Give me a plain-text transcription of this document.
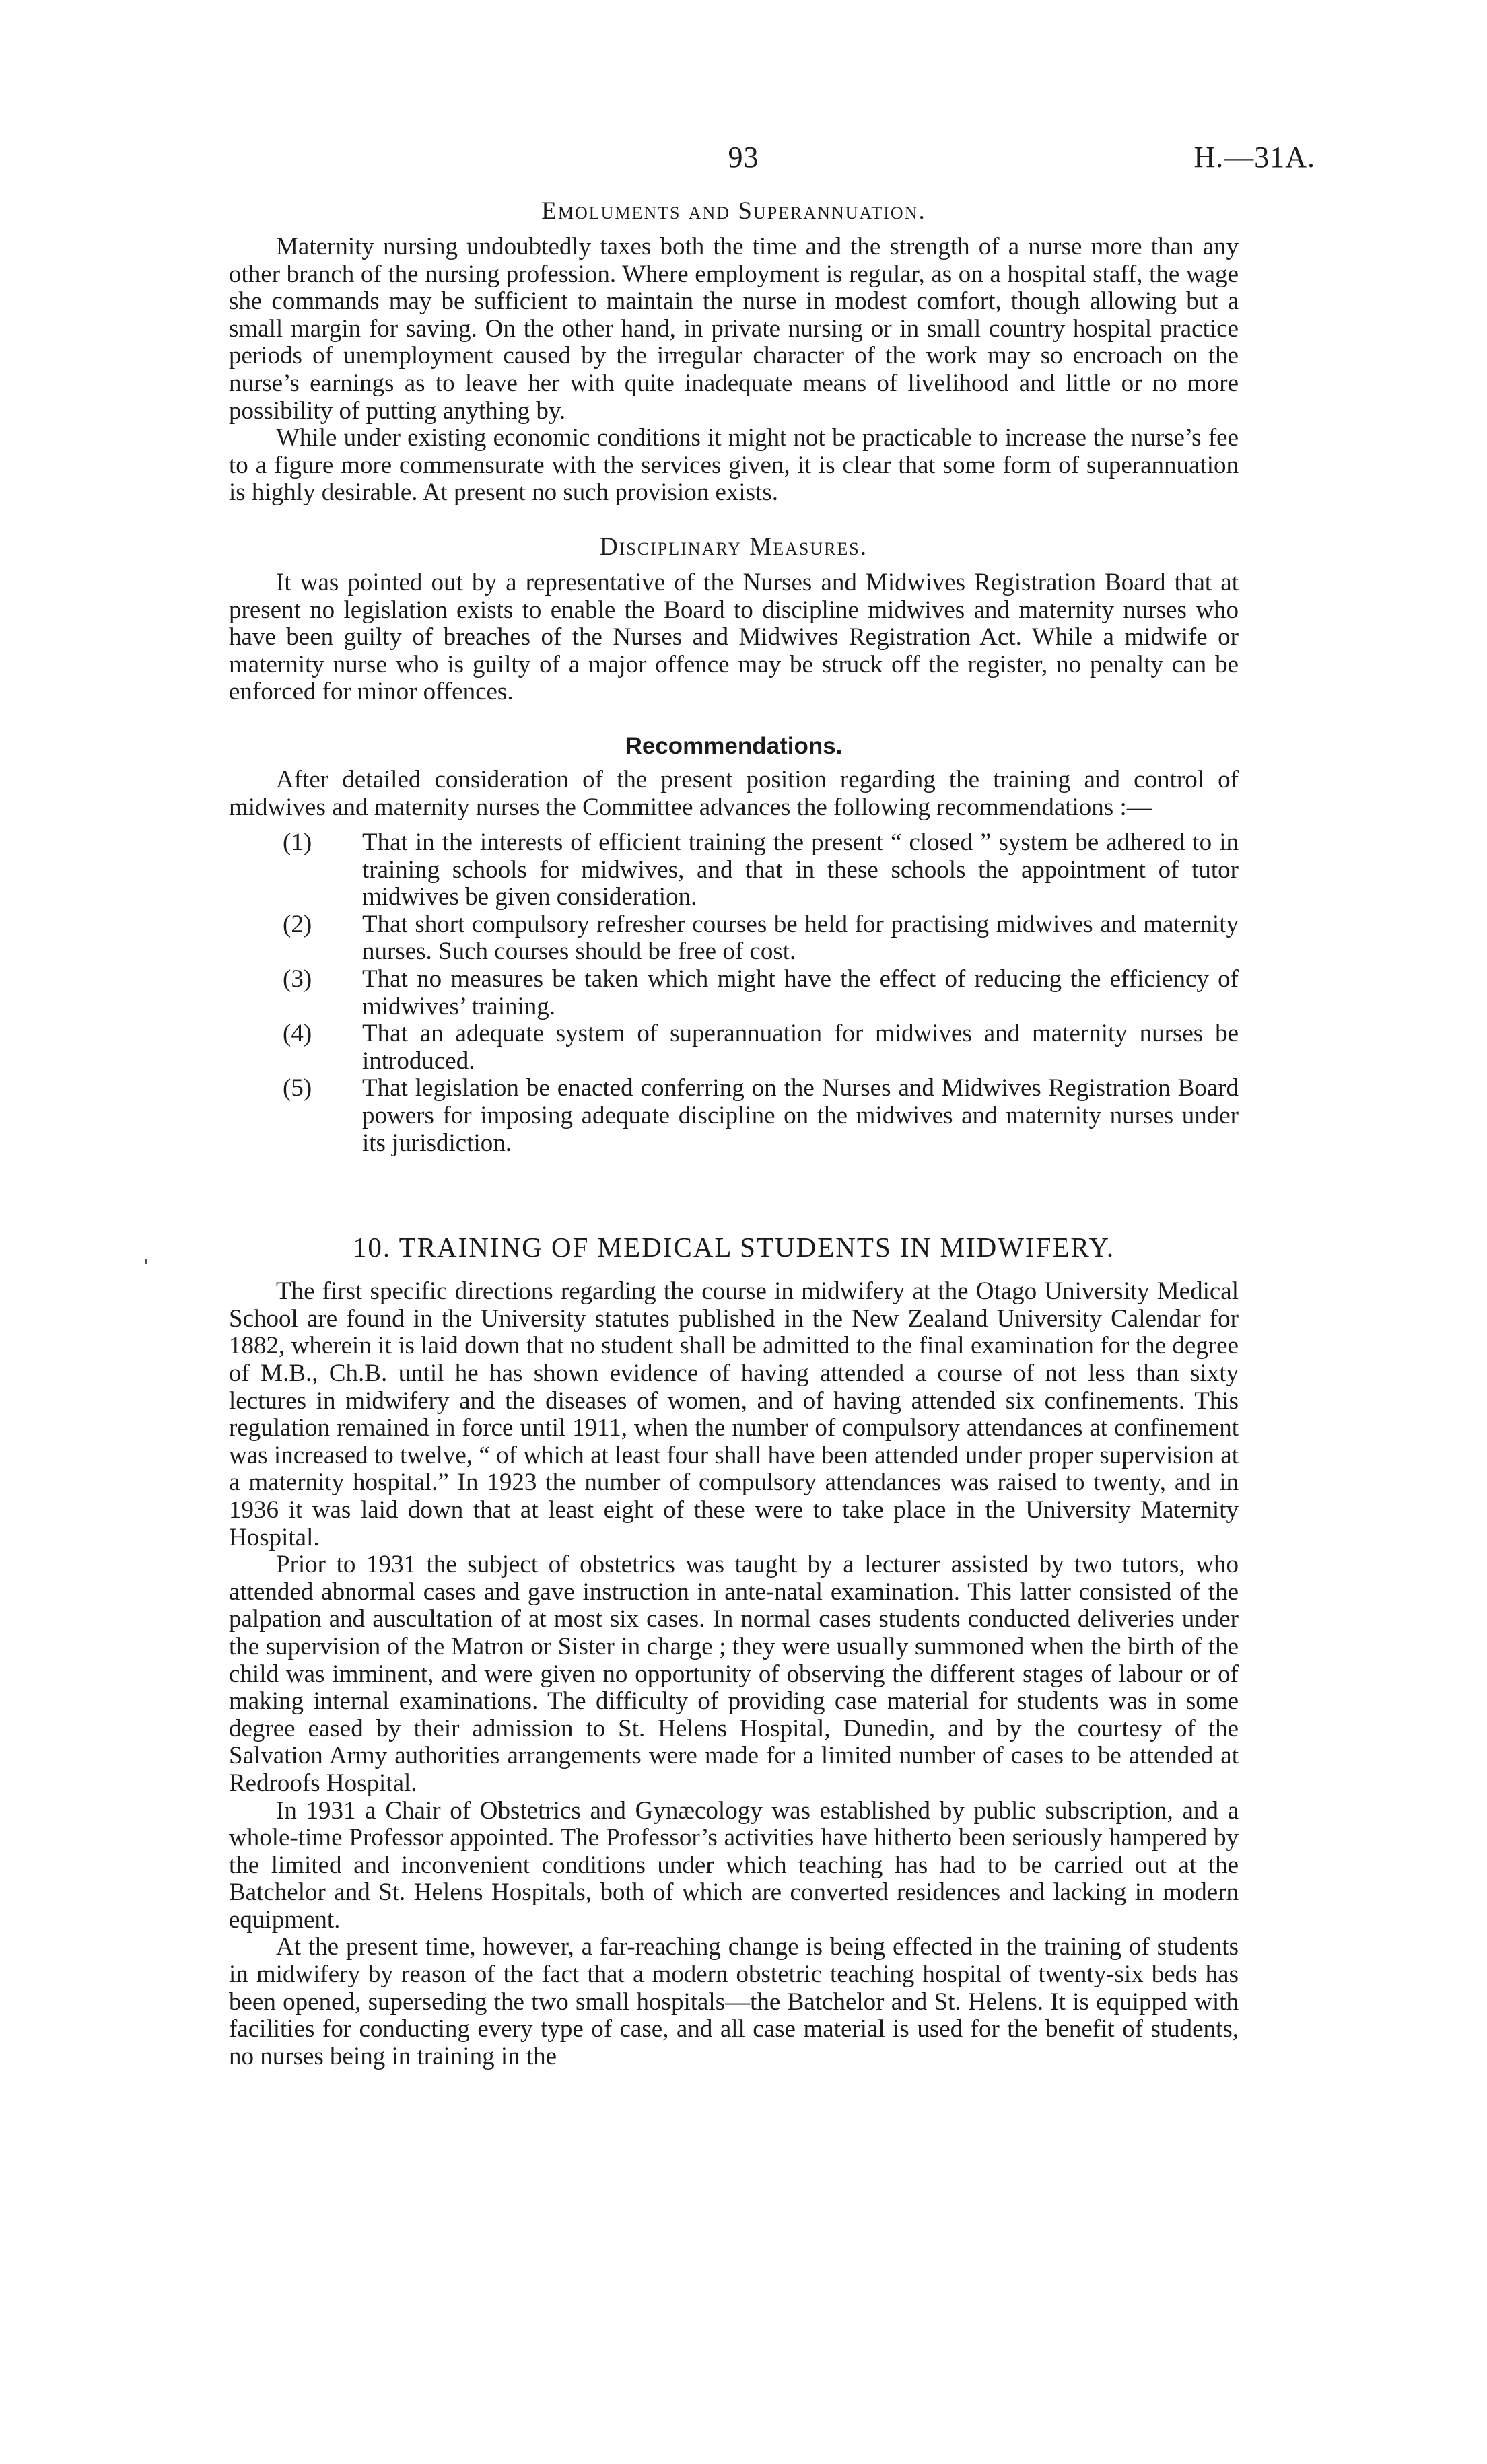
93	H.—31A.
Emoluments and Superannuation.

Maternity nursing undoubtedly taxes both the time and the strength of a nurse more than any other branch of the nursing profession. Where employment is regular, as on a hospital staff, the wage she commands may be sufficient to maintain the nurse in modest comfort, though allowing but a small margin for saving. On the other hand, in private nursing or in small country hospital practice periods of unemployment caused by the irregular character of the work may so encroach on the nurse’s earnings as to leave her with quite inadequate means of livelihood and little or no more possibility of putting anything by.

While under existing economic conditions it might not be practicable to increase the nurse’s fee to a figure more commensurate with the services given, it is clear that some form of superannuation is highly desirable. At present no such provision exists.

Disciplinary Measures.

It was pointed out by a representative of the Nurses and Midwives Registration Board that at present no legislation exists to enable the Board to discipline midwives and maternity nurses who have been guilty of breaches of the Nurses and Midwives Registration Act. While a midwife or maternity nurse who is guilty of a major offence may be struck off the register, no penalty can be enforced for minor offences.

Recommendations.

After detailed consideration of the present position regarding the training and control of midwives and maternity nurses the Committee advances the following recommendations :—

(1) That in the interests of efficient training the present “ closed ” system be adhered to in training schools for midwives, and that in these schools the appointment of tutor midwives be given consideration.
(2) That short compulsory refresher courses be held for practising midwives and maternity nurses. Such courses should be free of cost.
(3) That no measures be taken which might have the effect of reducing the efficiency of midwives’ training.
(4) That an adequate system of superannuation for midwives and maternity nurses be introduced.
(5) That legislation be enacted conferring on the Nurses and Midwives Registration Board powers for imposing adequate discipline on the midwives and maternity nurses under its jurisdiction.
10. TRAINING OF MEDICAL STUDENTS IN MIDWIFERY.

The first specific directions regarding the course in midwifery at the Otago University Medical School are found in the University statutes published in the New Zealand University Calendar for 1882, wherein it is laid down that no student shall be admitted to the final examination for the degree of M.B., Ch.B. until he has shown evidence of having attended a course of not less than sixty lectures in midwifery and the diseases of women, and of having attended six confinements. This regulation remained in force until 1911, when the number of compulsory attendances at confinement was increased to twelve, “ of which at least four shall have been attended under proper supervision at a maternity hospital.” In 1923 the number of compulsory attendances was raised to twenty, and in 1936 it was laid down that at least eight of these were to take place in the University Maternity Hospital.

Prior to 1931 the subject of obstetrics was taught by a lecturer assisted by two tutors, who attended abnormal cases and gave instruction in ante-natal examination. This latter consisted of the palpation and auscultation of at most six cases. In normal cases students conducted deliveries under the supervision of the Matron or Sister in charge ; they were usually summoned when the birth of the child was imminent, and were given no opportunity of observing the different stages of labour or of making internal examinations. The difficulty of providing case material for students was in some degree eased by their admission to St. Helens Hospital, Dunedin, and by the courtesy of the Salvation Army authorities arrangements were made for a limited number of cases to be attended at Redroofs Hospital.

In 1931 a Chair of Obstetrics and Gynæcology was established by public subscription, and a whole-time Professor appointed. The Professor’s activities have hitherto been seriously hampered by the limited and inconvenient conditions under which teaching has had to be carried out at the Batchelor and St. Helens Hospitals, both of which are converted residences and lacking in modern equipment.

At the present time, however, a far-reaching change is being effected in the training of students in midwifery by reason of the fact that a modern obstetric teaching hospital of twenty-six beds has been opened, superseding the two small hospitals—the Batchelor and St. Helens. It is equipped with facilities for conducting every type of case, and all case material is used for the benefit of students, no nurses being in training in the
